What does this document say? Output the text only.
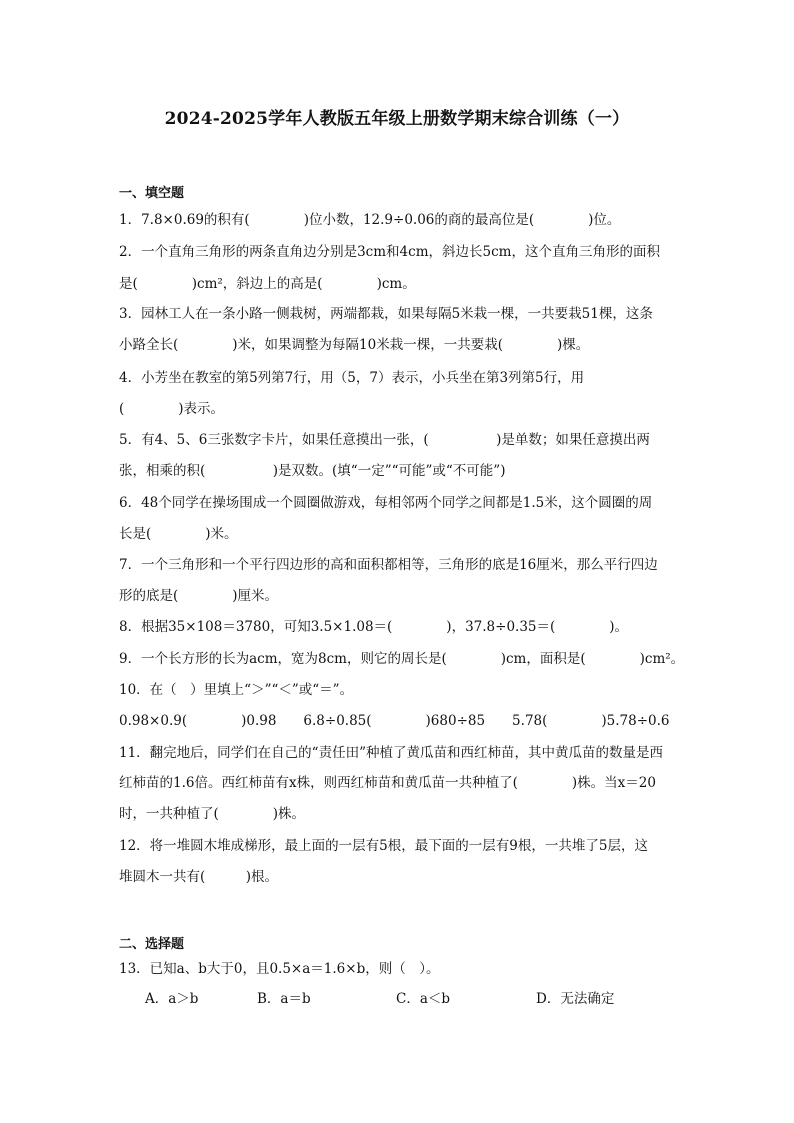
2024-2025学年人教版五年级上册数学期末综合训练（一）
一、填空题
1．7.8×0.69的积有(　　　　)位小数，12.9÷0.06的商的最高位是(　　　　)位。
2．一个直角三角形的两条直角边分别是3cm和4cm，斜边长5cm，这个直角三角形的面积
是(　　　　)cm²，斜边上的高是(　　　　)cm。
3．园林工人在一条小路一侧栽树，两端都栽，如果每隔5米栽一棵，一共要栽51棵，这条
小路全长(　　　　)米，如果调整为每隔10米栽一棵，一共要栽(　　　　)棵。
4．小芳坐在教室的第5列第7行，用（5，7）表示，小兵坐在第3列第5行，用
(　　　　)表示。
5．有4、5、6三张数字卡片，如果任意摸出一张，(　　　　　)是单数；如果任意摸出两
张，相乘的积(　　　　　)是双数。(填“一定”“可能”或“不可能”)
6．48个同学在操场围成一个圆圈做游戏，每相邻两个同学之间都是1.5米，这个圆圈的周
长是(　　　　)米。
7．一个三角形和一个平行四边形的高和面积都相等，三角形的底是16厘米，那么平行四边
形的底是(　　　　)厘米。
8．根据35×108＝3780，可知3.5×1.08＝(　　　　)，37.8÷0.35＝(　　　　)。
9．一个长方形的长为acm，宽为8cm，则它的周长是(　　　　)cm，面积是(　　　　)cm²。
10．在（　）里填上“＞”“＜”或“＝”。
0.98×0.9(　　　　)0.98　　6.8÷0.85(　　　　)680÷85　　5.78(　　　　)5.78÷0.6
11．翻完地后，同学们在自己的“责任田”种植了黄瓜苗和西红柿苗，其中黄瓜苗的数量是西
红柿苗的1.6倍。西红柿苗有x株，则西红柿苗和黄瓜苗一共种植了(　　　　)株。当x＝20
时，一共种植了(　　　　)株。
12．将一堆圆木堆成梯形，最上面的一层有5根，最下面的一层有9根，一共堆了5层，这
堆圆木一共有(　　　)根。
二、选择题
13．已知a、b大于0，且0.5×a＝1.6×b，则（　）。
A．a＞b	B．a＝b	C．a＜b	D．无法确定
